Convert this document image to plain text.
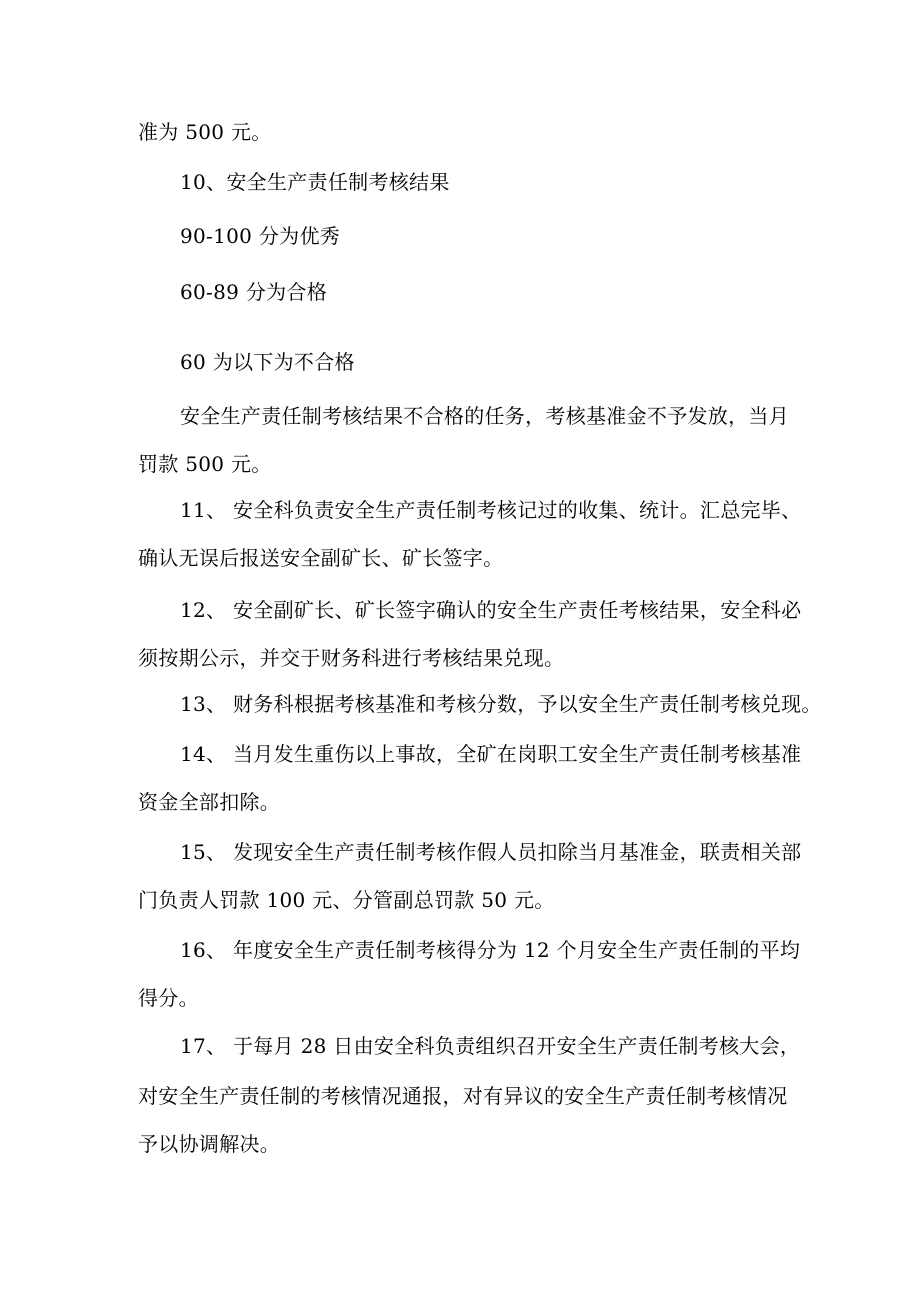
准为 500 元。
10、安全生产责任制考核结果
90-100 分为优秀
60-89 分为合格
60 为以下为不合格
安全生产责任制考核结果不合格的任务，考核基准金不予发放，当月
罚款 500 元。
11、 安全科负责安全生产责任制考核记过的收集、统计。汇总完毕、
确认无误后报送安全副矿长、矿长签字。
12、 安全副矿长、矿长签字确认的安全生产责任考核结果，安全科必
须按期公示，并交于财务科进行考核结果兑现。
13、 财务科根据考核基准和考核分数，予以安全生产责任制考核兑现。
14、 当月发生重伤以上事故，全矿在岗职工安全生产责任制考核基准
资金全部扣除。
15、 发现安全生产责任制考核作假人员扣除当月基准金，联责相关部
门负责人罚款 100 元、分管副总罚款 50 元。
16、 年度安全生产责任制考核得分为 12 个月安全生产责任制的平均
得分。
17、 于每月 28 日由安全科负责组织召开安全生产责任制考核大会，
对安全生产责任制的考核情况通报，对有异议的安全生产责任制考核情况
予以协调解决。
